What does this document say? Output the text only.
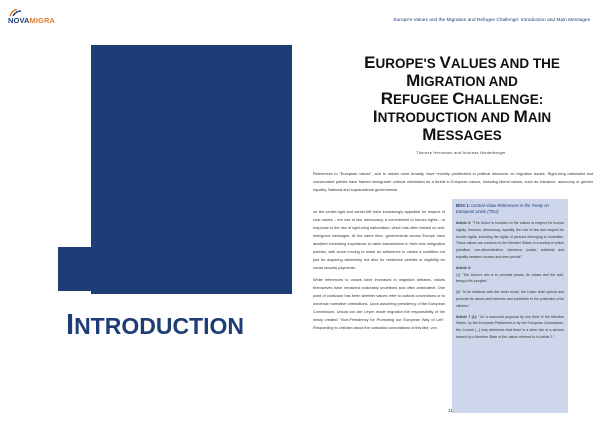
NOVAMIGRA	Europe's Values and the Migration and Refugee Challenge: Introduction and Main Messages
INTRODUCTION
EUROPE'S VALUES AND THE
MIGRATION AND
REFUGEE CHALLENGE:
INTRODUCTION AND MAIN
MESSAGES
Therese Herrmann and Andreas Niederberger

References to "European values", and to values more broadly, have recently proliferated in political discourse on migration issues. Right-wing nationalist and conservative parties have framed immigrants' cultural orientation as a threat to European values, including liberal values, such as tolerance, autonomy or gender equality. National and supranational governments

on the center-right and center-left have increasingly appealed for respect of civic values – the rule of law, democracy, a commitment to human rights – in response to the rise of right-wing nationalism, which has often thrived on anti-immigrant messages. At the same time, governments across Europe have ascribed increasing importance to value transmission in their civic integration policies, with some moving to make an adherence to values a condition not just for acquiring citizenship but also for residence permits or eligibility for social security payments.

While references to values have increased in migration debates, values themselves have remained noticeably undefined and often ambivalent. One point of confusion has been whether values refer to cultural conventions or to universal normative orientations. Upon assuming presidency of the European Commission, Ursula von der Leyen made migration the responsibility of the newly created "Vice-Presidency for Promoting our European Way of Life". Responding to criticism about the culturalist connotations of this title, von

BOX 1: Central Value References in the Treaty on European Union (TEU)

Article 2: "The Union is founded on the values of respect for human dignity, freedom, democracy, equality, the rule of law and respect for human rights, including the rights of persons belonging to minorities. These values are common to the Member States in a society in which pluralism, non-discrimination, tolerance, justice, solidarity and equality between women and men prevail."

Article 3:
(1) "The Union's aim is to promote peace, its values and the well-being of its peoples."

(5) "In its relations with the wider world, the Union shall uphold and promote its values and interests and contribute to the protection of its citizens."

Article 7 (1): "On a reasoned proposal by one third of the Member States, by the European Parliament or by the European Commission, the Council [...] may determine that there is a clear risk of a serious breach by a Member State of the values referred to in Article 2."

11
